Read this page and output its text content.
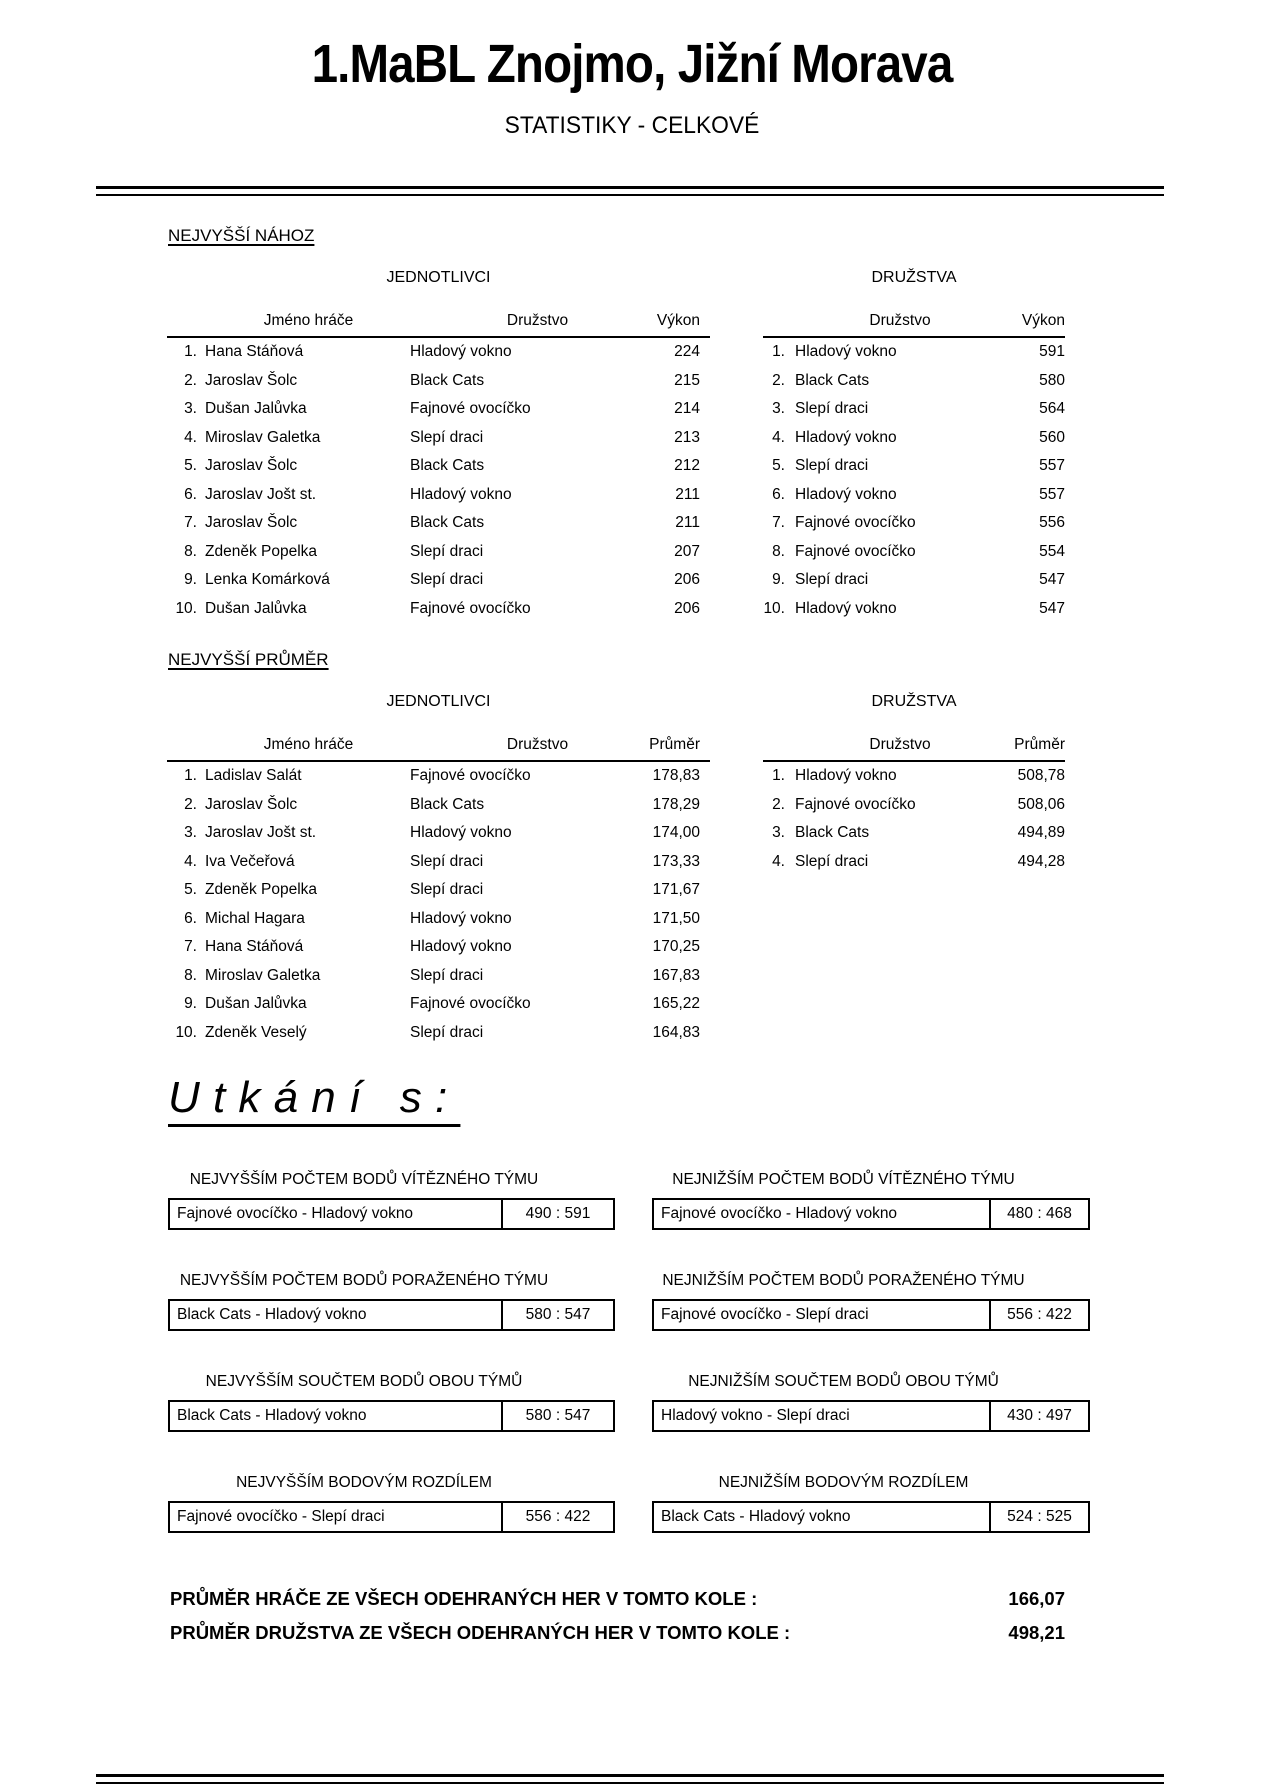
1.MaBL Znojmo, Jižní Morava
STATISTIKY - CELKOVÉ
NEJVYŠŠÍ NÁHOZ
JEDNOTLIVCI
Jméno hráče	Družstvo	Výkon
1. Hana Stáňová	Hladový vokno	224
2. Jaroslav Šolc	Black Cats	215
3. Dušan Jalůvka	Fajnové ovocíčko	214
4. Miroslav Galetka	Slepí draci	213
5. Jaroslav Šolc	Black Cats	212
6. Jaroslav Jošt st.	Hladový vokno	211
7. Jaroslav Šolc	Black Cats	211
8. Zdeněk Popelka	Slepí draci	207
9. Lenka Komárková	Slepí draci	206
10. Dušan Jalůvka	Fajnové ovocíčko	206
DRUŽSTVA
Družstvo	Výkon
1. Hladový vokno	591
2. Black Cats	580
3. Slepí draci	564
4. Hladový vokno	560
5. Slepí draci	557
6. Hladový vokno	557
7. Fajnové ovocíčko	556
8. Fajnové ovocíčko	554
9. Slepí draci	547
10. Hladový vokno	547
NEJVYŠŠÍ PRŮMĚR
JEDNOTLIVCI
Jméno hráče	Družstvo	Průměr
1. Ladislav Salát	Fajnové ovocíčko	178,83
2. Jaroslav Šolc	Black Cats	178,29
3. Jaroslav Jošt st.	Hladový vokno	174,00
4. Iva Večeřová	Slepí draci	173,33
5. Zdeněk Popelka	Slepí draci	171,67
6. Michal Hagara	Hladový vokno	171,50
7. Hana Stáňová	Hladový vokno	170,25
8. Miroslav Galetka	Slepí draci	167,83
9. Dušan Jalůvka	Fajnové ovocíčko	165,22
10. Zdeněk Veselý	Slepí draci	164,83
DRUŽSTVA
Družstvo	Průměr
1. Hladový vokno	508,78
2. Fajnové ovocíčko	508,06
3. Black Cats	494,89
4. Slepí draci	494,28
Utkání s:
NEJVYŠŠÍM POČTEM BODŮ VÍTĚZNÉHO TÝMU
Fajnové ovocíčko - Hladový vokno	490 : 591
NEJNIŽŠÍM POČTEM BODŮ VÍTĚZNÉHO TÝMU
Fajnové ovocíčko - Hladový vokno	480 : 468
NEJVYŠŠÍM POČTEM BODŮ PORAŽENÉHO TÝMU
Black Cats - Hladový vokno	580 : 547
NEJNIŽŠÍM POČTEM BODŮ PORAŽENÉHO TÝMU
Fajnové ovocíčko - Slepí draci	556 : 422
NEJVYŠŠÍM SOUČTEM BODŮ OBOU TÝMŮ
Black Cats - Hladový vokno	580 : 547
NEJNIŽŠÍM SOUČTEM BODŮ OBOU TÝMŮ
Hladový vokno - Slepí draci	430 : 497
NEJVYŠŠÍM BODOVÝM ROZDÍLEM
Fajnové ovocíčko - Slepí draci	556 : 422
NEJNIŽŠÍM BODOVÝM ROZDÍLEM
Black Cats - Hladový vokno	524 : 525
PRŮMĚR HRÁČE ZE VŠECH ODEHRANÝCH HER V TOMTO KOLE :	166,07
PRŮMĚR DRUŽSTVA ZE VŠECH ODEHRANÝCH HER V TOMTO KOLE :	498,21
